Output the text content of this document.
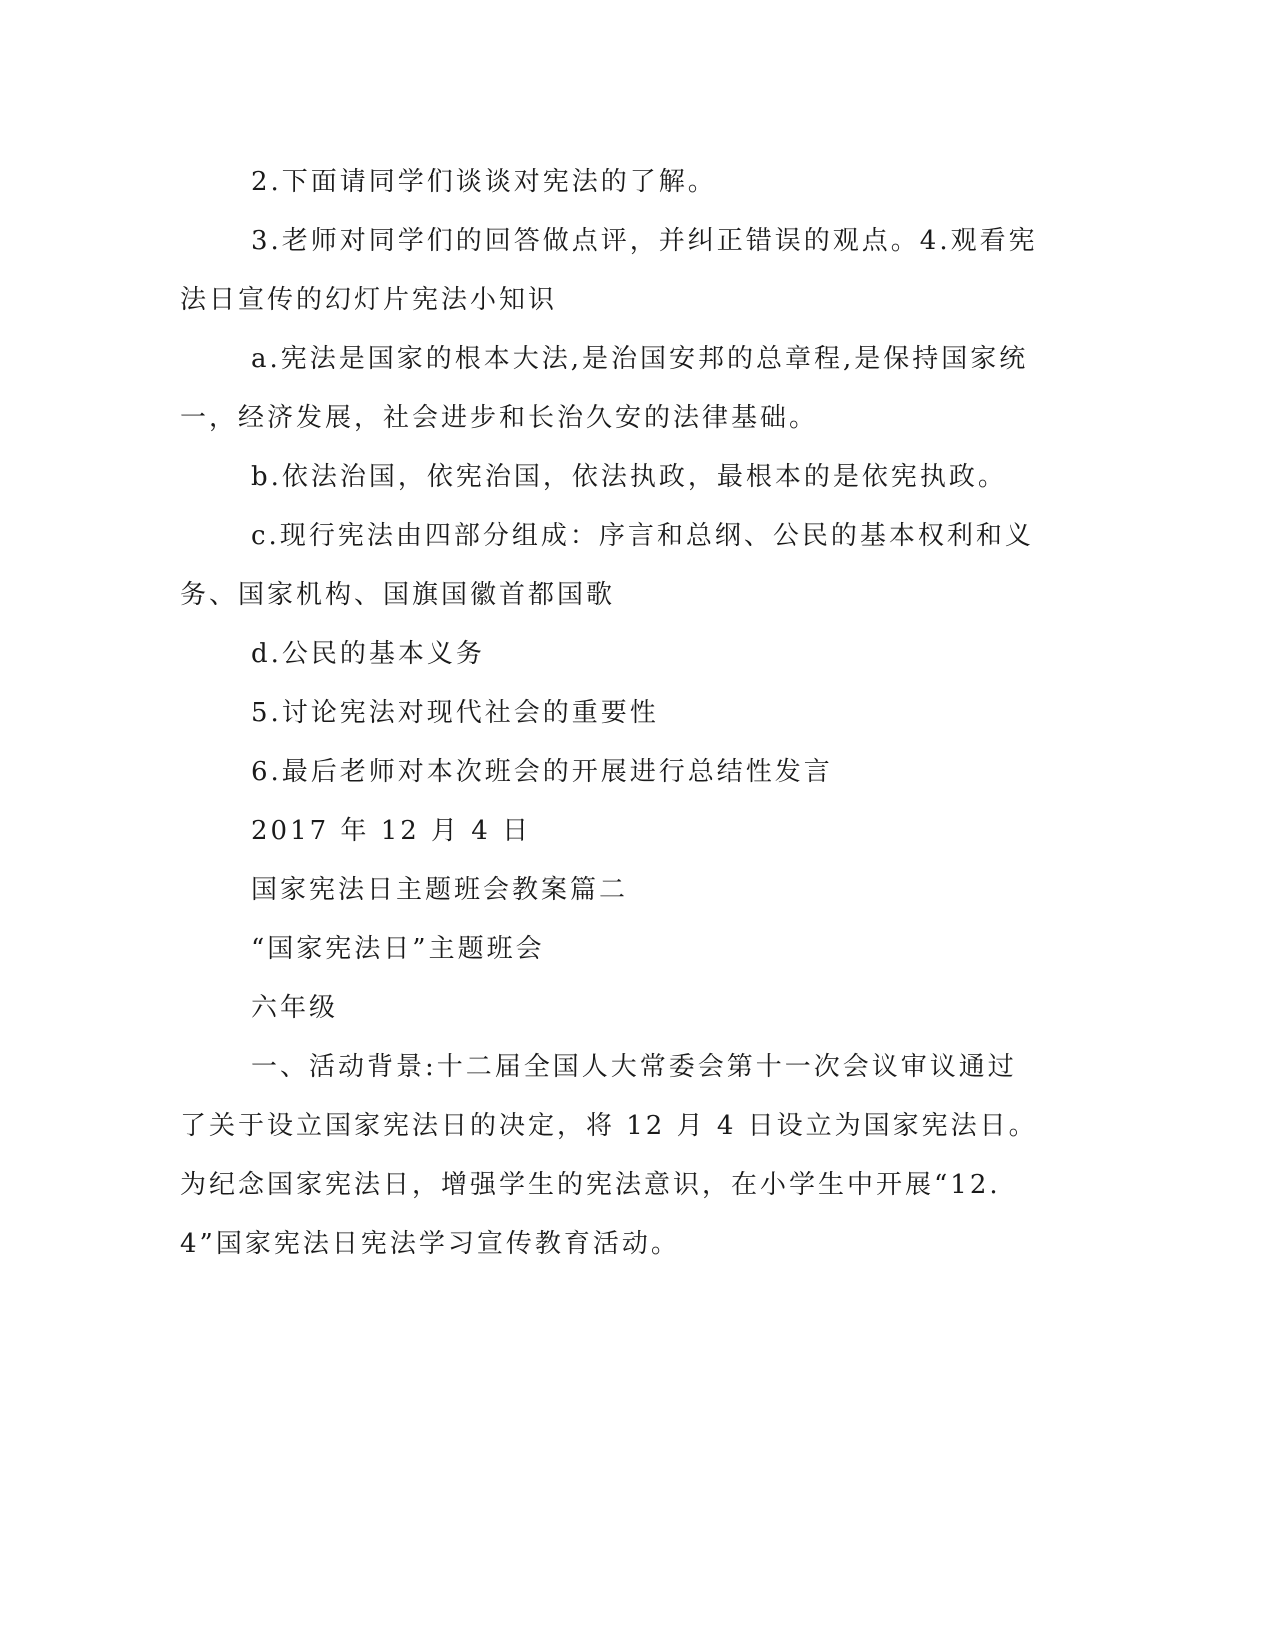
2.下面请同学们谈谈对宪法的了解。

3.老师对同学们的回答做点评，并纠正错误的观点。4.观看宪法日宣传的幻灯片宪法小知识

a.宪法是国家的根本大法,是治国安邦的总章程,是保持国家统一，经济发展，社会进步和长治久安的法律基础。

b.依法治国，依宪治国，依法执政，最根本的是依宪执政。

c.现行宪法由四部分组成：序言和总纲、公民的基本权利和义务、国家机构、国旗国徽首都国歌

d.公民的基本义务

5.讨论宪法对现代社会的重要性

6.最后老师对本次班会的开展进行总结性发言

2017 年 12 月 4 日

国家宪法日主题班会教案篇二

“国家宪法日”主题班会

六年级

一、活动背景:十二届全国人大常委会第十一次会议审议通过了关于设立国家宪法日的决定，将 12 月 4 日设立为国家宪法日。为纪念国家宪法日，增强学生的宪法意识，在小学生中开展“12.4”国家宪法日宪法学习宣传教育活动。
